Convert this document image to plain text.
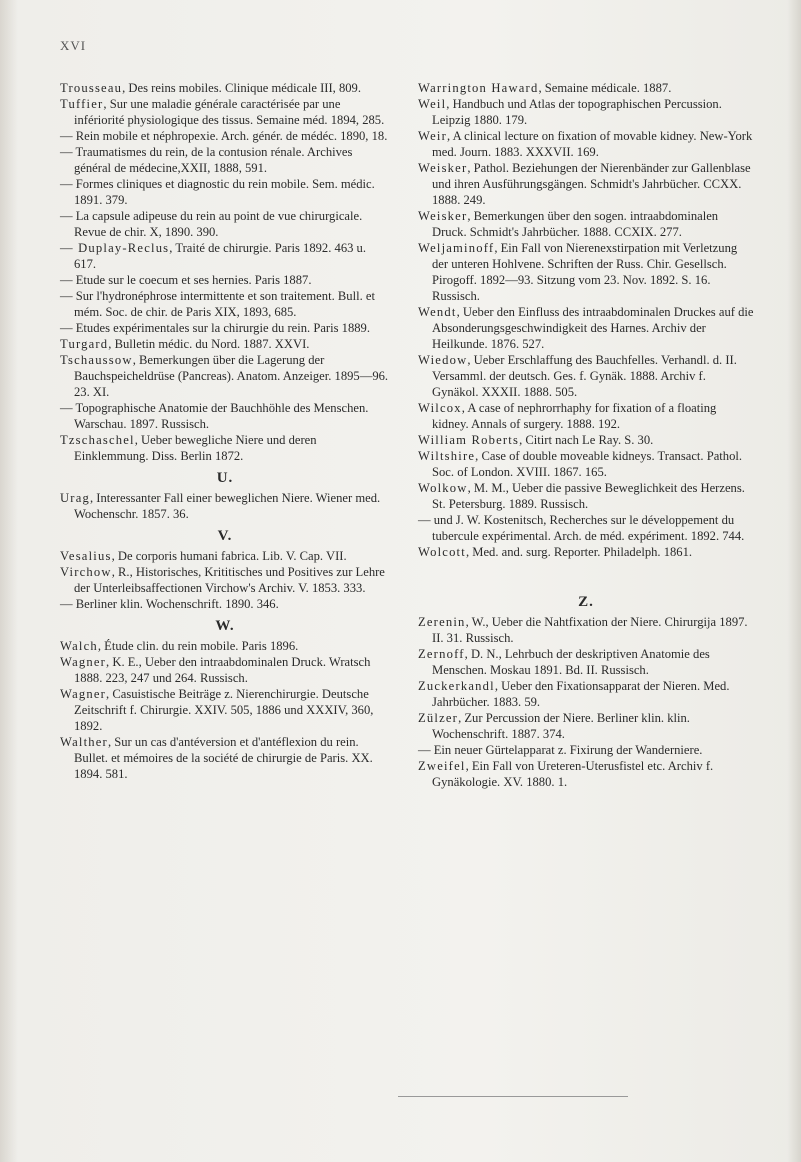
XVI

Trousseau, Des reins mobiles. Clinique médicale III, 809.

Tuffier, Sur une maladie générale caractérisée par une infériorité physiologique des tissus. Semaine méd. 1894, 285.

— Rein mobile et néphropexie. Arch. génér. de médéc. 1890, 18.

— Traumatismes du rein, de la contusion rénale. Archives général de médecine,XXII, 1888, 591.

— Formes cliniques et diagnostic du rein mobile. Sem. médic. 1891. 379.

— La capsule adipeuse du rein au point de vue chirurgicale. Revue de chir. X, 1890. 390.

— Duplay-Reclus, Traité de chirurgie. Paris 1892. 463 u. 617.

— Etude sur le coecum et ses hernies. Paris 1887.

— Sur l'hydronéphrose intermittente et son traitement. Bull. et mém. Soc. de chir. de Paris XIX, 1893, 685.

— Etudes expérimentales sur la chirurgie du rein. Paris 1889.

Turgard, Bulletin médic. du Nord. 1887. XXVI.

Tschaussow, Bemerkungen über die Lagerung der Bauchspeicheldrüse (Pancreas). Anatom. Anzeiger. 1895—96. 23. XI.

— Topographische Anatomie der Bauchhöhle des Menschen. Warschau. 1897. Russisch.

Tzschaschel, Ueber bewegliche Niere und deren Einklemmung. Diss. Berlin 1872.

U.

Urag, Interessanter Fall einer beweglichen Niere. Wiener med. Wochenschr. 1857. 36.

V.

Vesalius, De corporis humani fabrica. Lib. V. Cap. VII.

Virchow, R., Historisches, Krititisches und Positives zur Lehre der Unterleibsaffectionen Virchow's Archiv. V. 1853. 333.

— Berliner klin. Wochenschrift. 1890. 346.

W.

Walch, Étude clin. du rein mobile. Paris 1896.

Wagner, K. E., Ueber den intraabdominalen Druck. Wratsch 1888. 223, 247 und 264. Russisch.

Wagner, Casuistische Beiträge z. Nierenchirurgie. Deutsche Zeitschrift f. Chirurgie. XXIV. 505, 1886 und XXXIV, 360, 1892.

Walther, Sur un cas d'antéversion et d'antéflexion du rein. Bullet. et mémoires de la société de chirurgie de Paris. XX. 1894. 581.

Warrington Haward, Semaine médicale. 1887.

Weil, Handbuch und Atlas der topographischen Percussion. Leipzig 1880. 179.

Weir, A clinical lecture on fixation of movable kidney. New-York med. Journ. 1883. XXXVII. 169.

Weisker, Pathol. Beziehungen der Nierenbänder zur Gallenblase und ihren Ausführungsgängen. Schmidt's Jahrbücher. CCXX. 1888. 249.

Weisker, Bemerkungen über den sogen. intraabdominalen Druck. Schmidt's Jahrbücher. 1888. CCXIX. 277.

Weljaminoff, Ein Fall von Nierenexstirpation mit Verletzung der unteren Hohlvene. Schriften der Russ. Chir. Gesellsch. Pirogoff. 1892—93. Sitzung vom 23. Nov. 1892. S. 16. Russisch.

Wendt, Ueber den Einfluss des intraabdominalen Druckes auf die Absonderungsgeschwindigkeit des Harnes. Archiv der Heilkunde. 1876. 527.

Wiedow, Ueber Erschlaffung des Bauchfelles. Verhandl. d. II. Versamml. der deutsch. Ges. f. Gynäk. 1888. Archiv f. Gynäkol. XXXII. 1888. 505.

Wilcox, A case of nephrorrhaphy for fixation of a floating kidney. Annals of surgery. 1888. 192.

William Roberts, Citirt nach Le Ray. S. 30.

Wiltshire, Case of double moveable kidneys. Transact. Pathol. Soc. of London. XVIII. 1867. 165.

Wolkow, M. M., Ueber die passive Beweglichkeit des Herzens. St. Petersburg. 1889. Russisch.

— und J. W. Kostenitsch, Recherches sur le développement du tubercule expérimental. Arch. de méd. expériment. 1892. 744.

Wolcott, Med. and. surg. Reporter. Philadelph. 1861.

Z.

Zerenin, W., Ueber die Nahtfixation der Niere. Chirurgija 1897. II. 31. Russisch.

Zernoff, D. N., Lehrbuch der deskriptiven Anatomie des Menschen. Moskau 1891. Bd. II. Russisch.

Zuckerkandl, Ueber den Fixationsapparat der Nieren. Med. Jahrbücher. 1883. 59.

Zülzer, Zur Percussion der Niere. Berliner klin. klin. Wochenschrift. 1887. 374.

— Ein neuer Gürtelapparat z. Fixirung der Wanderniere.

Zweifel, Ein Fall von Ureteren-Uterusfistel etc. Archiv f. Gynäkologie. XV. 1880. 1.
